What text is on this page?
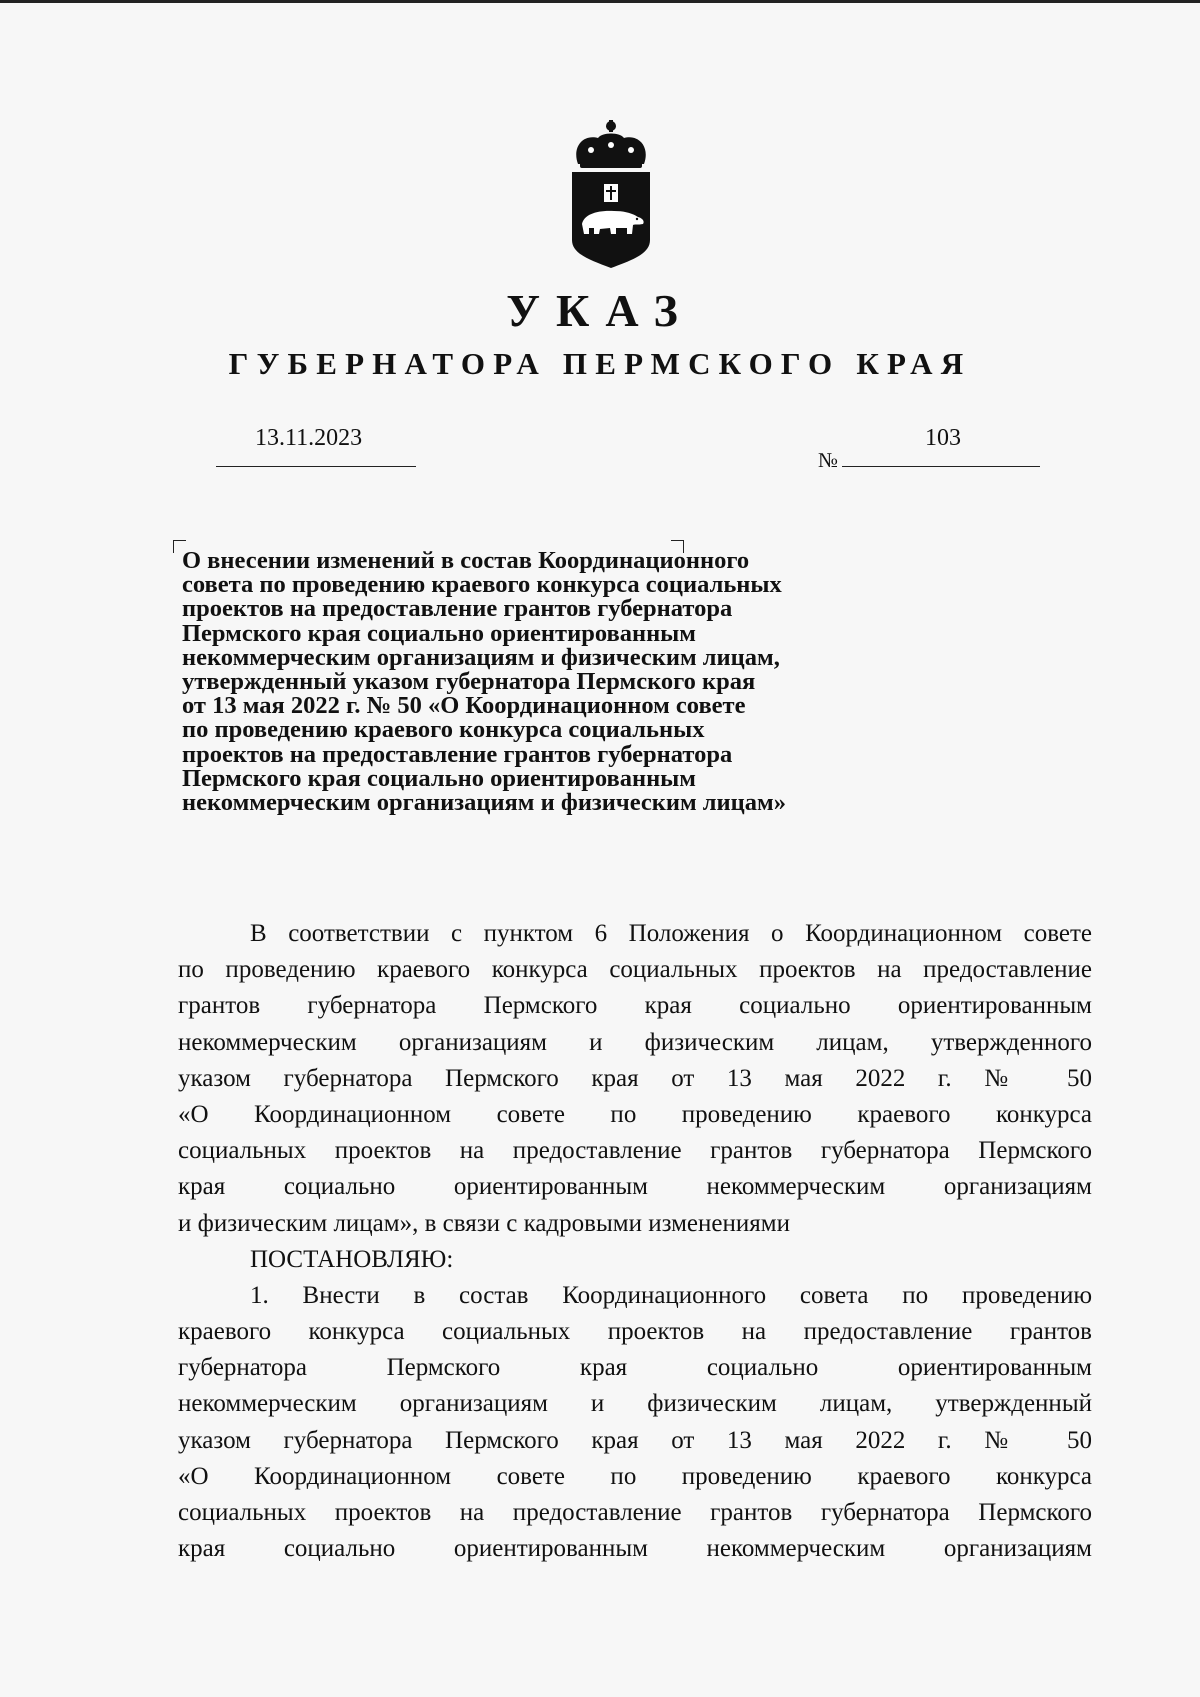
УКАЗ
ГУБЕРНАТОРА ПЕРМСКОГО КРАЯ
13.11.2023
№
103
О внесении изменений в состав Координационного
совета по проведению краевого конкурса социальных
проектов на предоставление грантов губернатора
Пермского края социально ориентированным
некоммерческим организациям и физическим лицам,
утвержденный указом губернатора Пермского края
от 13 мая 2022 г. № 50 «О Координационном совете
по проведению краевого конкурса социальных
проектов на предоставление грантов губернатора
Пермского края социально ориентированным
некоммерческим организациям и физическим лицам»
В соответствии с пунктом 6 Положения о Координационном совете
по проведению краевого конкурса социальных проектов на предоставление
грантов губернатора Пермского края социально ориентированным
некоммерческим организациям и физическим лицам, утвержденного
указом губернатора Пермского края от 13 мая 2022 г. № 50
«О Координационном совете по проведению краевого конкурса
социальных проектов на предоставление грантов губернатора Пермского
края социально ориентированным некоммерческим организациям
и физическим лицам», в связи с кадровыми изменениями
ПОСТАНОВЛЯЮ:
1. Внести в состав Координационного совета по проведению
краевого конкурса социальных проектов на предоставление грантов
губернатора Пермского края социально ориентированным
некоммерческим организациям и физическим лицам, утвержденный
указом губернатора Пермского края от 13 мая 2022 г. № 50
«О Координационном совете по проведению краевого конкурса
социальных проектов на предоставление грантов губернатора Пермского
края социально ориентированным некоммерческим организациям
